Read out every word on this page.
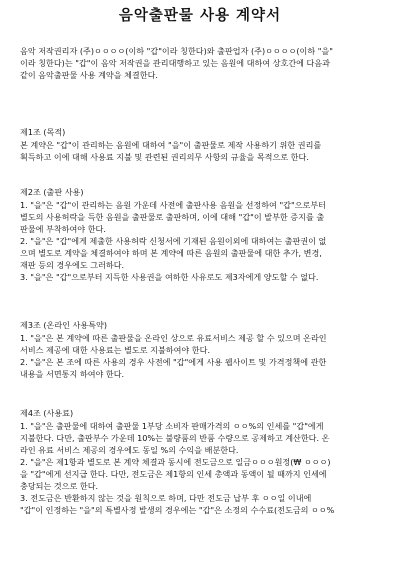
음악출판물 사용 계약서
음악 저작권리자 (주)ㅇㅇㅇㅇ(이하 "갑"이라 칭한다)와 출판업자 (주)ㅇㅇㅇㅇ(이하 "을"
이라 칭한다)는 "갑"이 음악 저작권을 관리대행하고 있는 음원에 대하여 상호간에 다음과
같이 음악출판물 사용 계약을 체결한다.
제1조 (목적)
본 계약은 "갑"이 관리하는 음원에 대하여 "을"이 출판물로 제작 사용하기 위한 권리를
획득하고 이에 대해 사용료 지불 및 관련된 권리의무 사항의 규율을 목적으로 한다.
제2조 (출판 사용)
1. "을"은 "갑"이 관리하는 음원 가운데 사전에 출판사용 음원을 선정하여 "갑"으로부터
별도의 사용허락을 득한 음원을 출판물로 출판하며, 이에 대해 "갑"이 발부한 증지를 출
판물에 부착하여야 한다.
2. "을"은 "갑"에게 제출한 사용허락 신청서에 기재된 음원이외에 대하여는 출판권이 없
으며 별도로 계약을 체결하여야 하며 본 계약에 따른 음원의 출판물에 대한 추가, 변경,
재판 등의 경우에도 그러하다.
3. "을"은 "갑"으로부터 지득한 사용권을 여하한 사유로도 제3자에게 양도할 수 없다.
제3조 (온라인 사용특약)
1. "을"은 본 계약에 따른 출판물을 온라인 상으로 유료서비스 제공 할 수 있으며 온라인
서비스 제공에 대한 사용료는 별도로 지불하여야 한다.
2. "을"은 본 조에 따른 사용의 경우 사전에 "갑"에게 사용 웹사이트 및 가격정책에 관한
내용을 서면통지 하여야 한다.
제4조 (사용료)
1. "을"은 출판물에 대하여 출판물 1부당 소비자 판매가격의 ㅇㅇ%의 인세를 "갑"에게
지불한다. 다만, 출판부수 가운데 10%는 불량품의 반품 수량으로 공제하고 계산한다. 온
라인 유료 서비스 제공의 경우에도 동일 %의 수익을 배분한다.
2. "을"은 제1항과 별도로 본 계약 체결과 동시에 전도금으로 일금ㅇㅇㅇ원정(₩ ㅇㅇㅇ)
을 "갑"에게 선지급 한다. 다만, 전도금은 제1항의 인세 총액과 동액이 될 때까지 인세에
충당되는 것으로 한다.
3. 전도금은 반환하지 않는 것을 원칙으로 하며, 다만 전도금 납부 후 ㅇㅇ일 이내에
"갑"이 인정하는 "을"의 특별사정 발생의 경우에는 "갑"은 소정의 수수료(전도금의 ㅇㅇ%
